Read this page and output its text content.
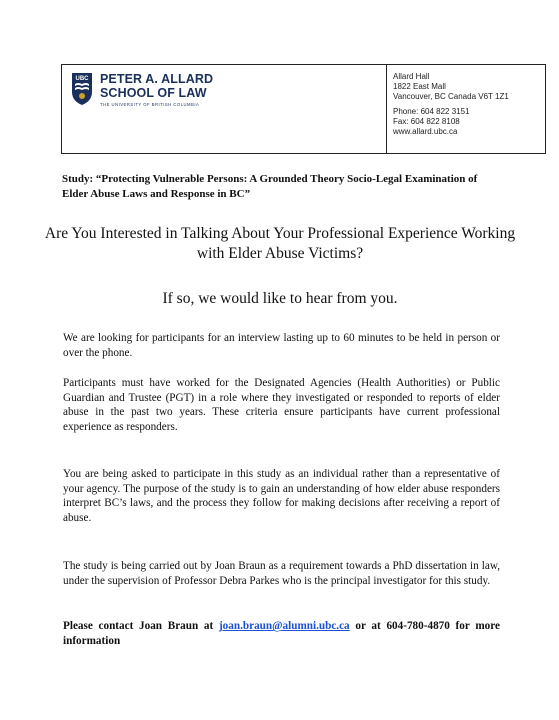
UBC PETER A. ALLARD
SCHOOL OF LAW
THE UNIVERSITY OF BRITISH COLUMBIA
Allard Hall
1822 East Mall
Vancouver, BC Canada V6T 1Z1
Phone: 604 822 3151
Fax: 604 822 8108
www.allard.ubc.ca
Study: “Protecting Vulnerable Persons: A Grounded Theory Socio-Legal Examination of Elder Abuse Laws and Response in BC”
Are You Interested in Talking About Your Professional Experience Working with Elder Abuse Victims?
If so, we would like to hear from you.
We are looking for participants for an interview lasting up to 60 minutes to be held in person or over the phone.
Participants must have worked for the Designated Agencies (Health Authorities) or Public Guardian and Trustee (PGT) in a role where they investigated or responded to reports of elder abuse in the past two years. These criteria ensure participants have current professional experience as responders.
You are being asked to participate in this study as an individual rather than a representative of your agency. The purpose of the study is to gain an understanding of how elder abuse responders interpret BC’s laws, and the process they follow for making decisions after receiving a report of abuse.
The study is being carried out by Joan Braun as a requirement towards a PhD dissertation in law, under the supervision of Professor Debra Parkes who is the principal investigator for this study.
Please contact Joan Braun at joan.braun@alumni.ubc.ca or at 604-780-4870 for more information
